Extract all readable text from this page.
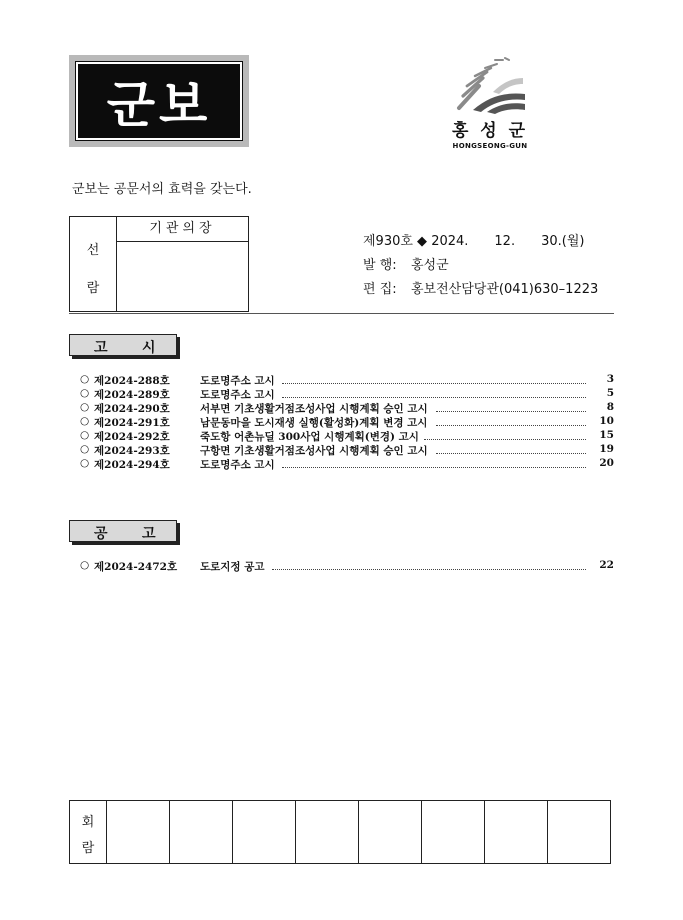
군보	홍 성 군
HONGSEONG-GUN
군보는 공문서의 효력을 갖는다.
선
람
기관의장
제930호 ◆ 2024.　　12.　　30.(월)
발 행: 홍성군
편 집: 홍보전산담당관(041)630–1223
고 시
○ 제2024-288호	도로명주소 고시	3
○ 제2024-289호	도로명주소 고시	5
○ 제2024-290호	서부면 기초생활거점조성사업 시행계획 승인 고시	8
○ 제2024-291호	남문동마을 도시재생 실행(활성화)계획 변경 고시	10
○ 제2024-292호	죽도항 어촌뉴딜 300사업 시행계획(변경) 고시	15
○ 제2024-293호	구항면 기초생활거점조성사업 시행계획 승인 고시	19
○ 제2024-294호	도로명주소 고시	20
공 고
○ 제2024-2472호 도로지정 공고	22
회
람
